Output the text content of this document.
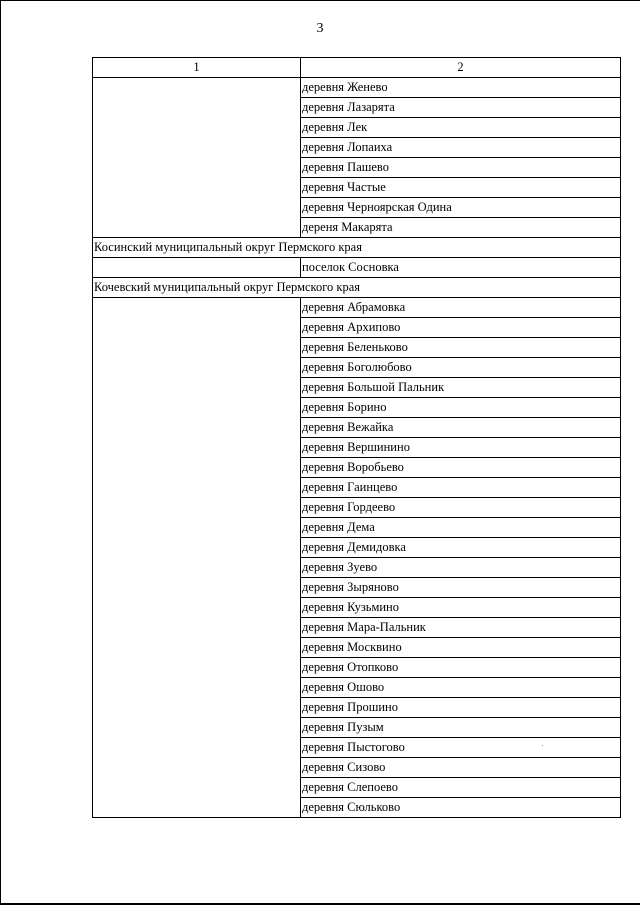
3
1	2
	деревня Женево
	деревня Лазарята
	деревня Лек
	деревня Лопаиха
	деревня Пашево
	деревня Частые
	деревня Черноярская Одина
	дереня Макарята
Косинский муниципальный округ Пермского края	
	поселок Сосновка
Кочевский муниципальный округ Пермского края	
	деревня Абрамовка
	деревня Архипово
	деревня Беленьково
	деревня Боголюбово
	деревня Большой Пальник
	деревня Борино
	деревня Вежайка
	деревня Вершинино
	деревня Воробьево
	деревня Гаинцево
	деревня Гордеево
	деревня Дема
	деревня Демидовка
	деревня Зуево
	деревня Зыряново
	деревня Кузьмино
	деревня Мара-Пальник
	деревня Москвино
	деревня Отопково
	деревня Ошово
	деревня Прошино
	деревня Пузым
	деревня Пыстогово
	деревня Сизово
	деревня Слепоево
	деревня Сюльково
